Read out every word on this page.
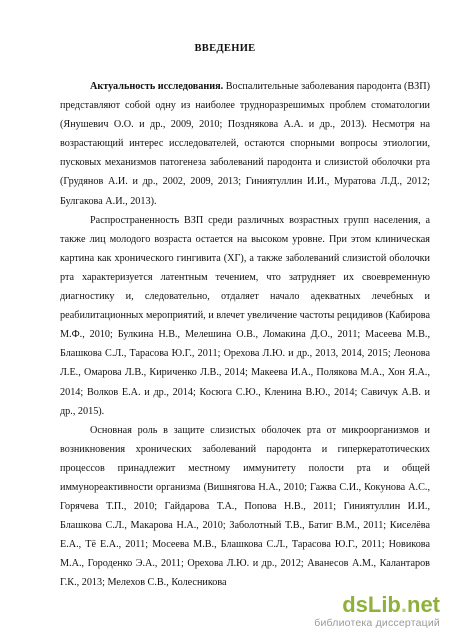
ВВЕДЕНИЕ

Актуальность исследования. Воспалительные заболевания пародонта (ВЗП) представляют собой одну из наиболее трудноразрешимых проблем стоматологии (Янушевич О.О. и др., 2009, 2010; Позднякова А.А. и др., 2013). Несмотря на возрастающий интерес исследователей, остаются спорными вопросы этиологии, пусковых механизмов патогенеза заболеваний пародонта и слизистой оболочки рта (Грудянов А.И. и др., 2002, 2009, 2013; Гиниятуллин И.И., Муратова Л.Д., 2012; Булгакова А.И., 2013).

Распространенность ВЗП среди различных возрастных групп населения, а также лиц молодого возраста остается на высоком уровне. При этом клиническая картина как хронического гингивита (ХГ), а также заболеваний слизистой оболочки рта характеризуется латентным течением, что затрудняет их своевременную диагностику и, следовательно, отдаляет начало адекватных лечебных и реабилитационных мероприятий, и влечет увеличение частоты рецидивов (Кабирова М.Ф., 2010; Булкина Н.В., Мелешина О.В., Ломакина Д.О., 2011; Масеева М.В., Блашкова С.Л., Тарасова Ю.Г., 2011; Орехова Л.Ю. и др., 2013, 2014, 2015; Леонова Л.Е., Омарова Л.В., Кириченко Л.В., 2014; Макеева И.А., Полякова М.А., Хон Я.А., 2014; Волков Е.А. и др., 2014; Косюга С.Ю., Кленина В.Ю., 2014; Савичук А.В. и др., 2015).

Основная роль в защите слизистых оболочек рта от микроорганизмов и возникновения хронических заболеваний пародонта и гиперкератотических процессов принадлежит местному иммунитету полости рта и общей иммунореактивности организма (Вишнягова Н.А., 2010; Гажва С.И., Кокунова А.С., Горячева Т.П., 2010; Гайдарова Т.А., Попова Н.В., 2011; Гиниятуллин И.И., Блашкова С.Л., Макарова Н.А., 2010; Заболотный Т.В., Батиг В.М., 2011; Киселёва Е.А., Тё Е.А., 2011; Мосеева М.В., Блашкова С.Л., Тарасова Ю.Г., 2011; Новикова М.А., Городенко Э.А., 2011; Орехова Л.Ю. и др., 2012; Аванесов А.М., Калантаров Г.К., 2013; Мелехов С.В., Колесникова

dsLib.net
библиотека диссертаций
